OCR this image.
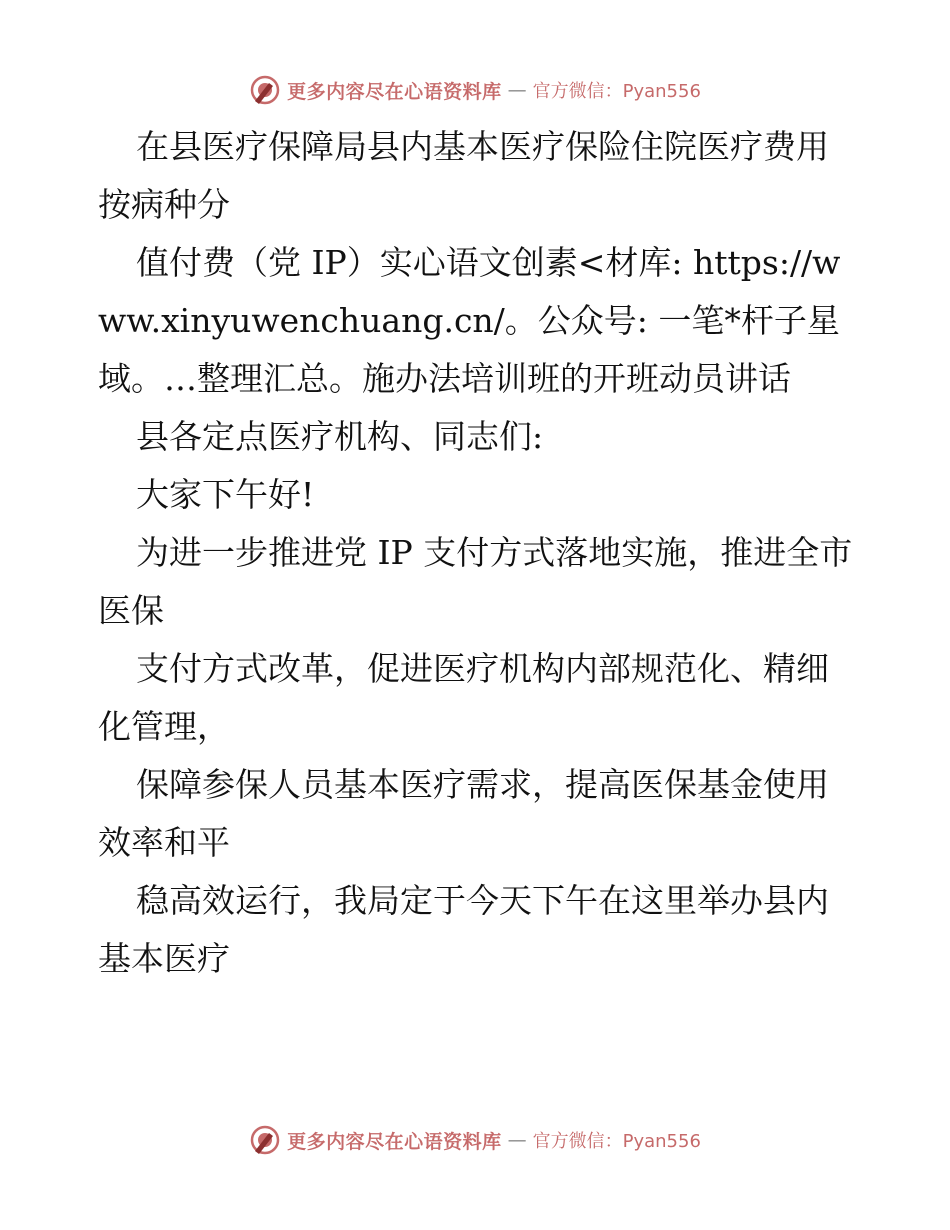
更多内容尽在心语资料库 — 官方微信：Pyan556

在县医疗保障局县内基本医疗保险住院医疗费用按病种分

值付费（党 IP）实心语文创素<材库: https://www.xinyuwenchuang.cn/。公众号: 一笔*杆子星域。…整理汇总。施办法培训班的开班动员讲话

县各定点医疗机构、同志们:

大家下午好!

为进一步推进党 IP 支付方式落地实施，推进全市医保

支付方式改革，促进医疗机构内部规范化、精细化管理，

保障参保人员基本医疗需求，提高医保基金使用效率和平

稳高效运行，我局定于今天下午在这里举办县内基本医疗

更多内容尽在心语资料库 — 官方微信：Pyan556
